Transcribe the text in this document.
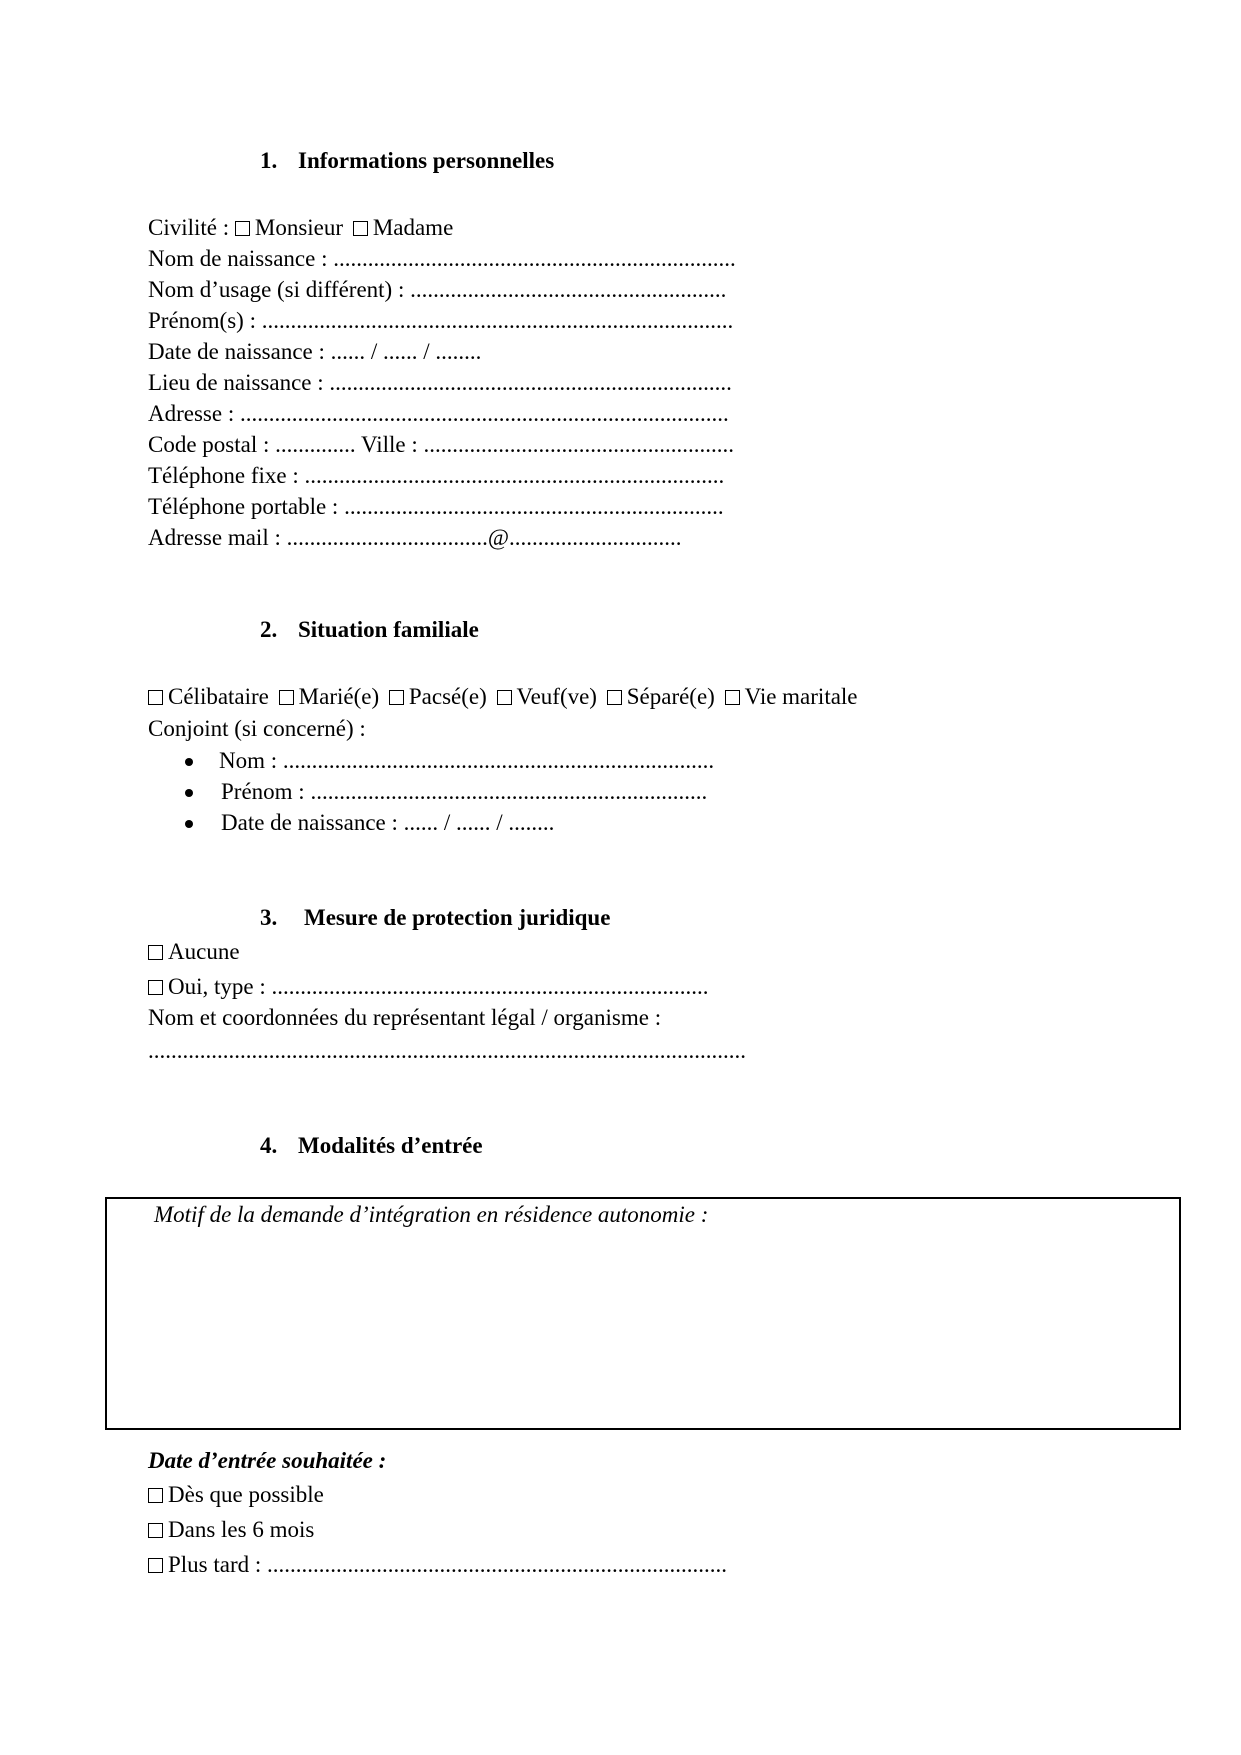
1. Informations personnelles
Civilité : Monsieur Madame
Nom de naissance : ......................................................................
Nom d’usage (si différent) : .......................................................
Prénom(s) : ..................................................................................
Date de naissance : ...... / ...... / ........
Lieu de naissance : ......................................................................
Adresse : .....................................................................................
Code postal : .............. Ville : ......................................................
Téléphone fixe : .........................................................................
Téléphone portable : ..................................................................
Adresse mail : ...................................@..............................
2. Situation familiale
Célibataire Marié(e) Pacsé(e) Veuf(ve) Séparé(e) Vie maritale
Conjoint (si concerné) :
Nom : ...........................................................................
Prénom : .....................................................................
Date de naissance : ...... / ...... / ........
3. Mesure de protection juridique
Aucune
Oui, type : ............................................................................
Nom et coordonnées du représentant légal / organisme :
........................................................................................................
4. Modalités d’entrée
Motif de la demande d’intégration en résidence autonomie :
Date d’entrée souhaitée :
Dès que possible
Dans les 6 mois
Plus tard : ................................................................................
